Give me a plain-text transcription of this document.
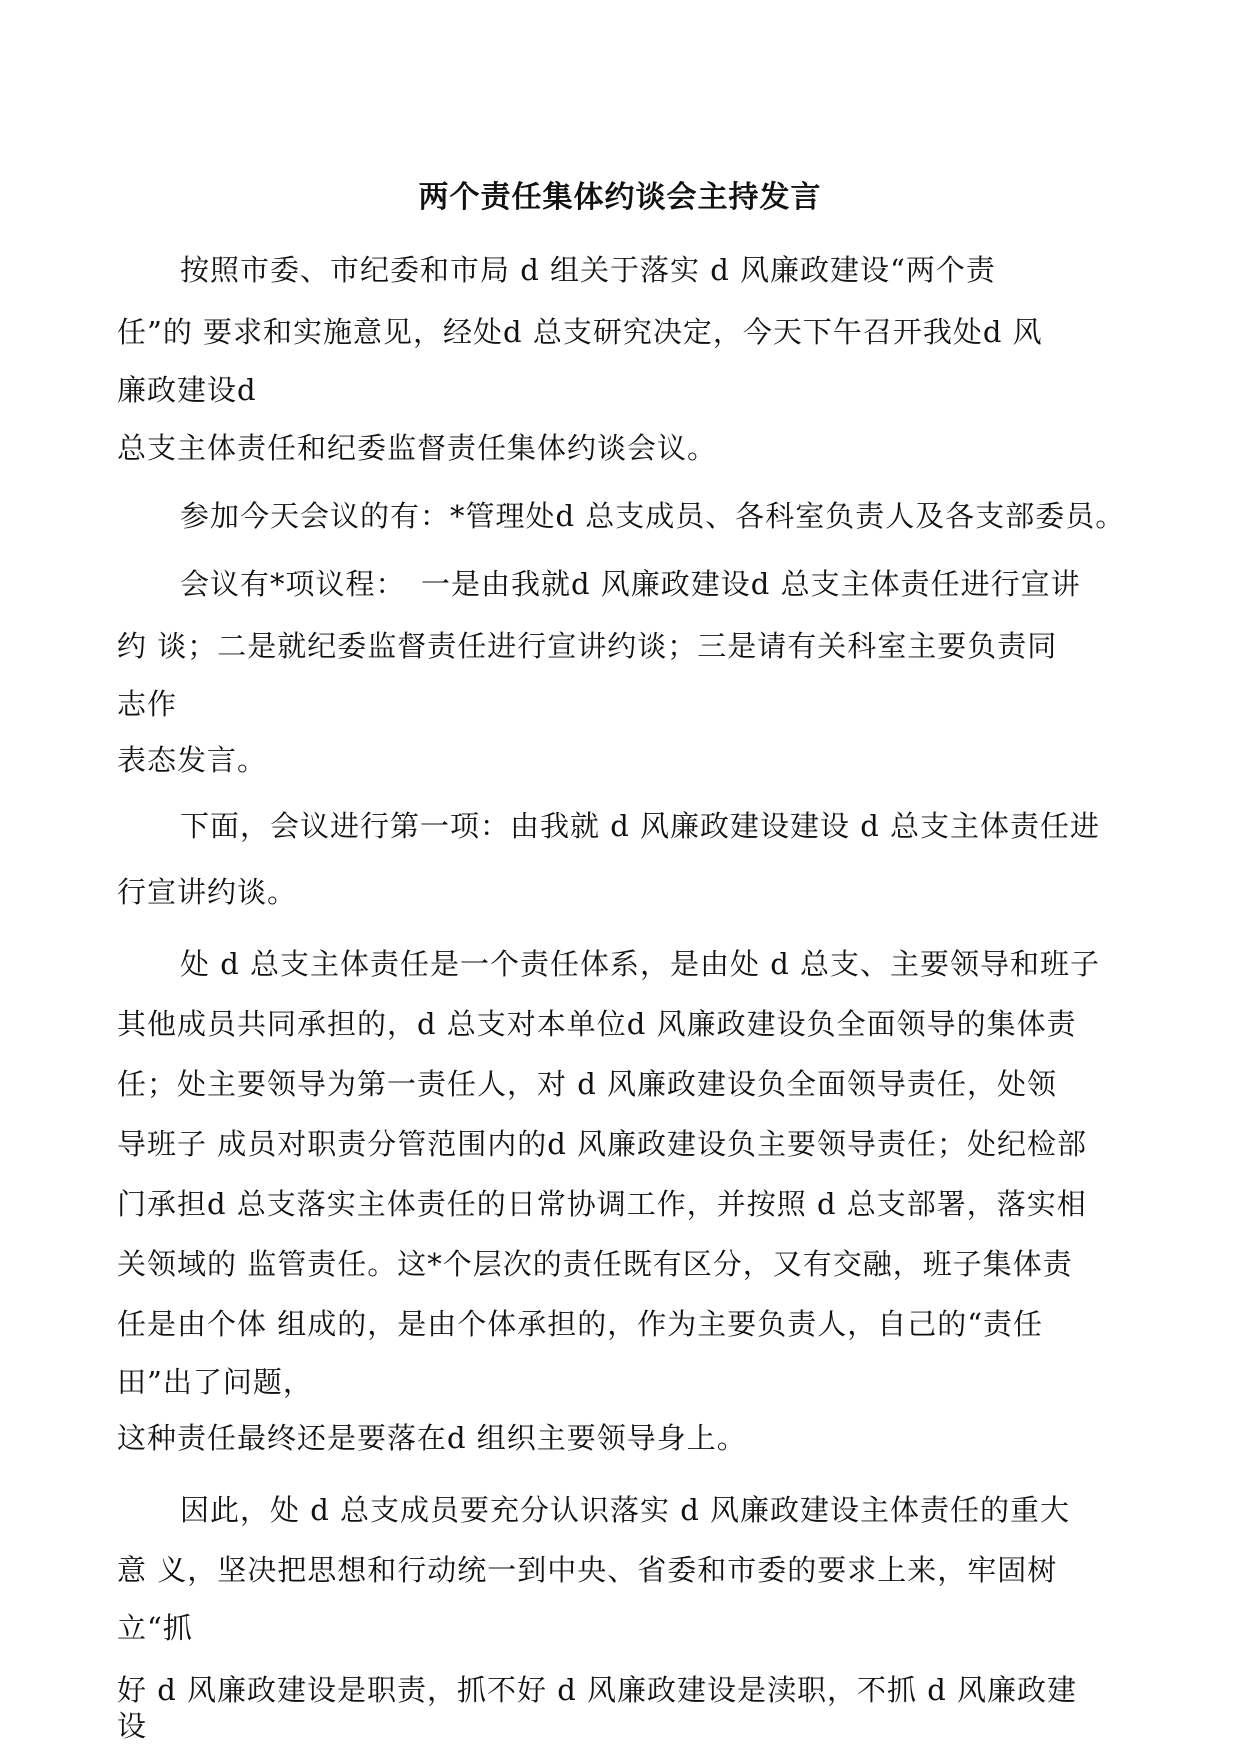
两个责任集体约谈会主持发言
按照市委、市纪委和市局 d 组关于落实 d 风廉政建设“两个责
任”的 要求和实施意见，经处d 总支研究决定，今天下午召开我处d 风
廉政建设d
总支主体责任和纪委监督责任集体约谈会议。
参加今天会议的有：*管理处d 总支成员、各科室负责人及各支部委员。
会议有*项议程：　一是由我就d 风廉政建设d 总支主体责任进行宣讲
约 谈；二是就纪委监督责任进行宣讲约谈；三是请有关科室主要负责同
志作
表态发言。
下面，会议进行第一项：由我就 d 风廉政建设建设 d 总支主体责任进
行宣讲约谈。
处 d 总支主体责任是一个责任体系，是由处 d 总支、主要领导和班子
其他成员共同承担的，d 总支对本单位d 风廉政建设负全面领导的集体责
任；处主要领导为第一责任人，对 d 风廉政建设负全面领导责任，处领
导班子 成员对职责分管范围内的d 风廉政建设负主要领导责任；处纪检部
门承担d 总支落实主体责任的日常协调工作，并按照 d 总支部署，落实相
关领域的 监管责任。这*个层次的责任既有区分，又有交融，班子集体责
任是由个体 组成的，是由个体承担的，作为主要负责人，自己的“责任
田”出了问题，
这种责任最终还是要落在d 组织主要领导身上。
因此，处 d 总支成员要充分认识落实 d 风廉政建设主体责任的重大
意 义，坚决把思想和行动统一到中央、省委和市委的要求上来，牢固树
立“抓
好 d 风廉政建设是职责，抓不好 d 风廉政建设是渎职，不抓 d 风廉政建
设
